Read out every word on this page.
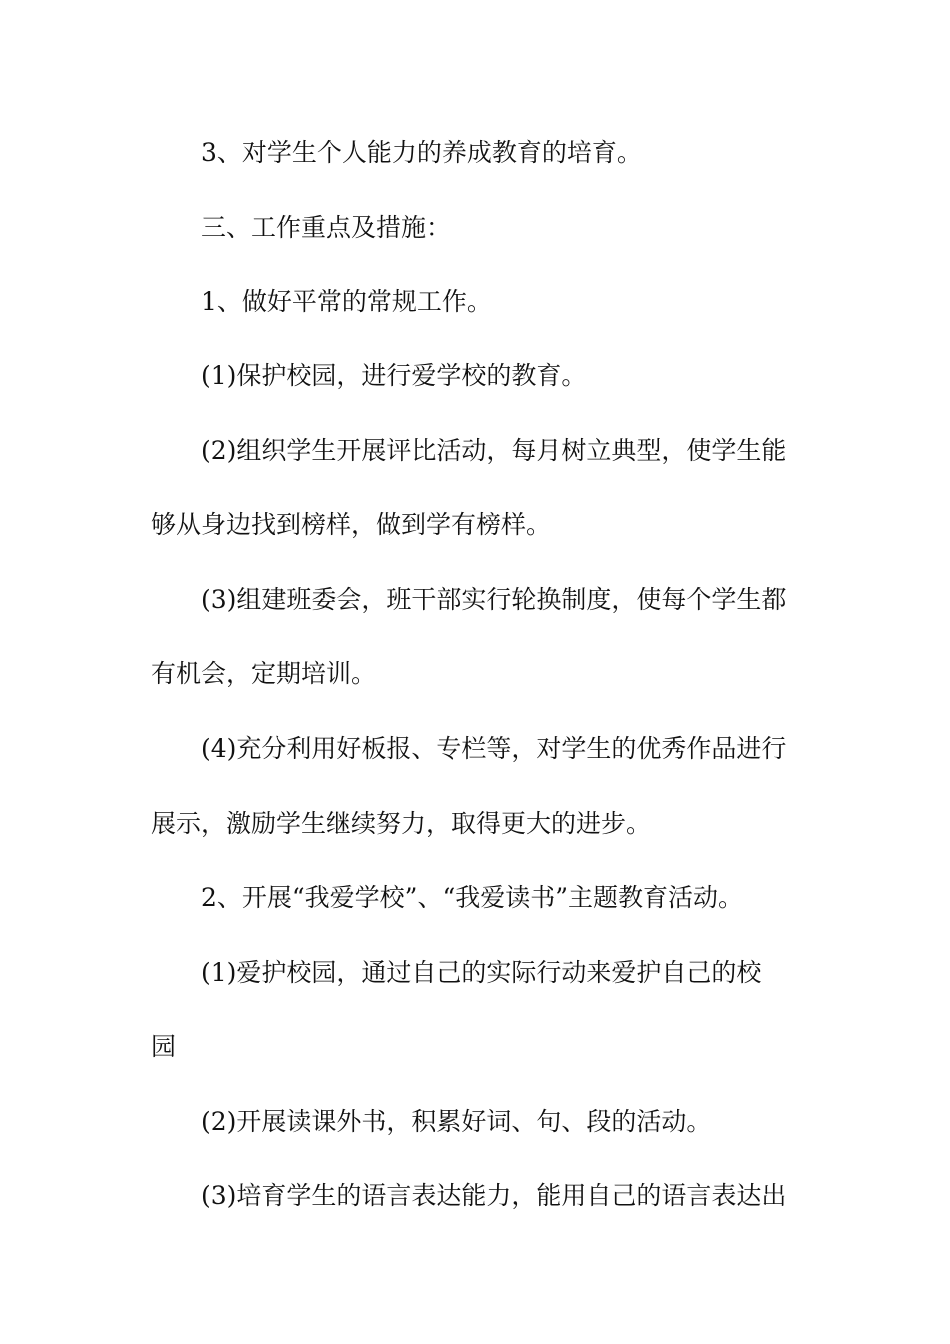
3、对学生个人能力的养成教育的培育。
三、工作重点及措施：
1、做好平常的常规工作。
(1)保护校园，进行爱学校的教育。
(2)组织学生开展评比活动，每月树立典型，使学生能
够从身边找到榜样，做到学有榜样。
(3)组建班委会，班干部实行轮换制度，使每个学生都
有机会，定期培训。
(4)充分利用好板报、专栏等，对学生的优秀作品进行
展示，激励学生继续努力，取得更大的进步。
2、开展“我爱学校”、“我爱读书”主题教育活动。
(1)爱护校园，通过自己的实际行动来爱护自己的校
园
(2)开展读课外书，积累好词、句、段的活动。
(3)培育学生的语言表达能力，能用自己的语言表达出
